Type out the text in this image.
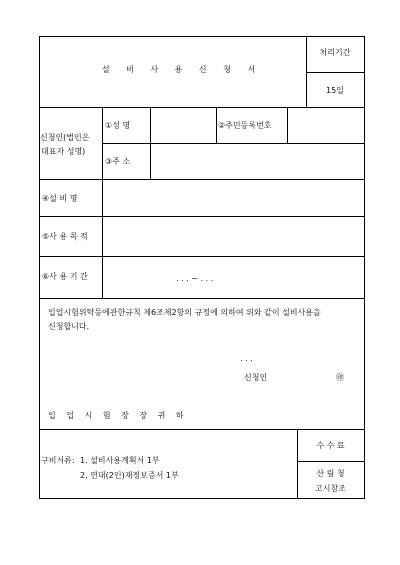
설 비 사 용 신 청 서
처리기간
15일
신청인(법인은
대표자 성명)
①성 명	②주민등록번호
③주 소
④설 비 명
⑤사 용 목 적
⑥사 용 기 간	. . . ~ . . .
입업시험위탁등에관한규칙 제6조제2항의 규정에 의하여 위와 같이 설비사용을
신청합니다.
. . .
신청인	㊞
입 업 시 험 장 장 귀 하
구비서류: 1. 설비사용계획서 1부
2. 연대(2인)재정보증서 1부
수 수 료
산 림 청
고시참조
